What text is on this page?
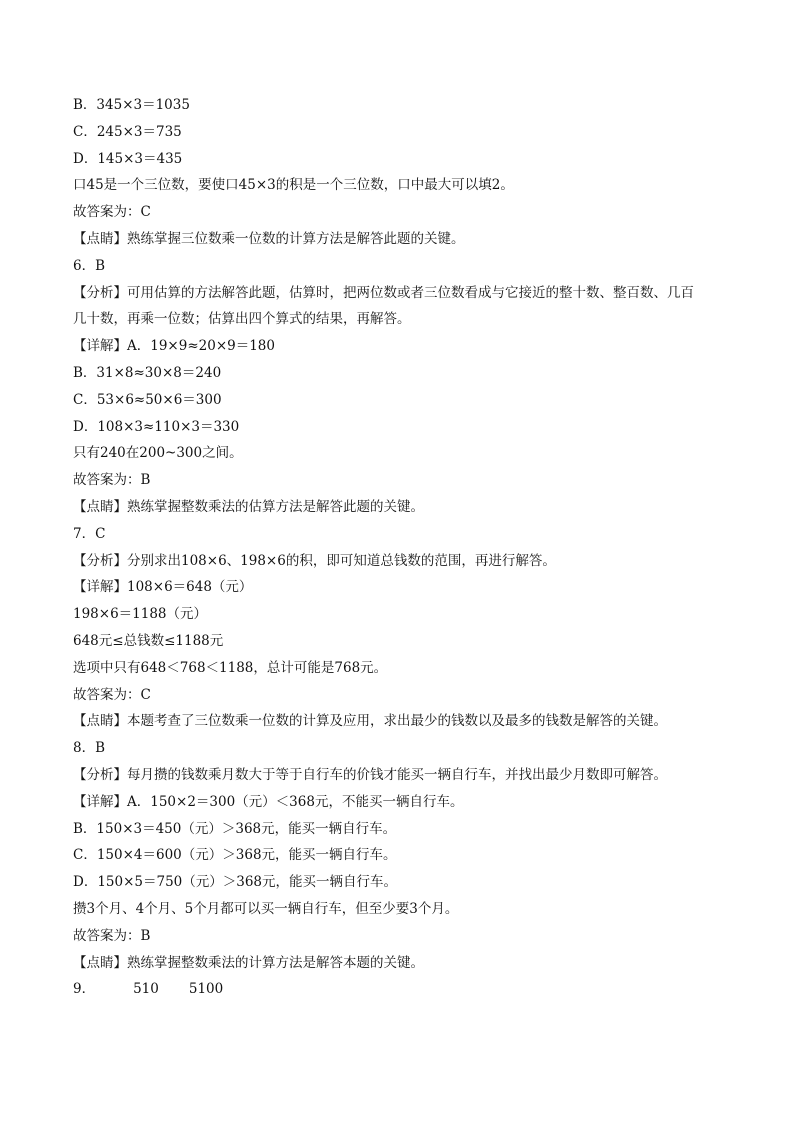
B．345×3＝1035
C．245×3＝735
D．145×3＝435
口45是一个三位数，要使口45×3的积是一个三位数，口中最大可以填2。
故答案为：C
【点睛】熟练掌握三位数乘一位数的计算方法是解答此题的关键。
6．B
【分析】可用估算的方法解答此题，估算时，把两位数或者三位数看成与它接近的整十数、整百数、几百
几十数，再乘一位数；估算出四个算式的结果，再解答。
【详解】A．19×9≈20×9＝180
B．31×8≈30×8＝240
C．53×6≈50×6＝300
D．108×3≈110×3＝330
只有240在200~300之间。
故答案为：B
【点睛】熟练掌握整数乘法的估算方法是解答此题的关键。
7．C
【分析】分别求出108×6、198×6的积，即可知道总钱数的范围，再进行解答。
【详解】108×6＝648（元）
198×6＝1188（元）
648元≤总钱数≤1188元
选项中只有648＜768＜1188，总计可能是768元。
故答案为：C
【点睛】本题考查了三位数乘一位数的计算及应用，求出最少的钱数以及最多的钱数是解答的关键。
8．B
【分析】每月攒的钱数乘月数大于等于自行车的价钱才能买一辆自行车，并找出最少月数即可解答。
【详解】A．150×2＝300（元）＜368元，不能买一辆自行车。
B．150×3＝450（元）＞368元，能买一辆自行车。
C．150×4＝600（元）＞368元，能买一辆自行车。
D．150×5＝750（元）＞368元，能买一辆自行车。
攒3个月、4个月、5个月都可以买一辆自行车，但至少要3个月。
故答案为：B
【点睛】熟练掌握整数乘法的计算方法是解答本题的关键。
9．	510 5100
